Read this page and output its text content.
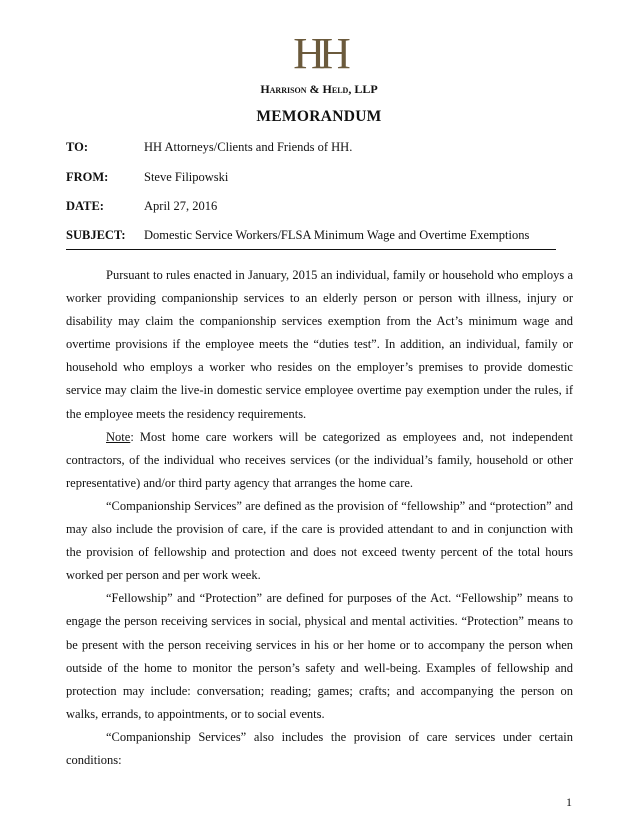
HH
Harrison & Held, LLP
MEMORANDUM
TO:	HH Attorneys/Clients and Friends of HH.
FROM:	Steve Filipowski
DATE:	April 27, 2016
SUBJECT: Domestic Service Workers/FLSA Minimum Wage and Overtime Exemptions

Pursuant to rules enacted in January, 2015 an individual, family or household who employs a worker providing companionship services to an elderly person or person with illness, injury or disability may claim the companionship services exemption from the Act’s minimum wage and overtime provisions if the employee meets the “duties test”. In addition, an individual, family or household who employs a worker who resides on the employer’s premises to provide domestic service may claim the live-in domestic service employee overtime pay exemption under the rules, if the employee meets the residency requirements.

Note: Most home care workers will be categorized as employees and, not independent contractors, of the individual who receives services (or the individual’s family, household or other representative) and/or third party agency that arranges the home care.

“Companionship Services” are defined as the provision of “fellowship” and “protection” and may also include the provision of care, if the care is provided attendant to and in conjunction with the provision of fellowship and protection and does not exceed twenty percent of the total hours worked per person and per work week.

“Fellowship” and “Protection” are defined for purposes of the Act. “Fellowship” means to engage the person receiving services in social, physical and mental activities. “Protection” means to be present with the person receiving services in his or her home or to accompany the person when outside of the home to monitor the person’s safety and well-being. Examples of fellowship and protection may include: conversation; reading; games; crafts; and accompanying the person on walks, errands, to appointments, or to social events.

“Companionship Services” also includes the provision of care services under certain conditions:

1
